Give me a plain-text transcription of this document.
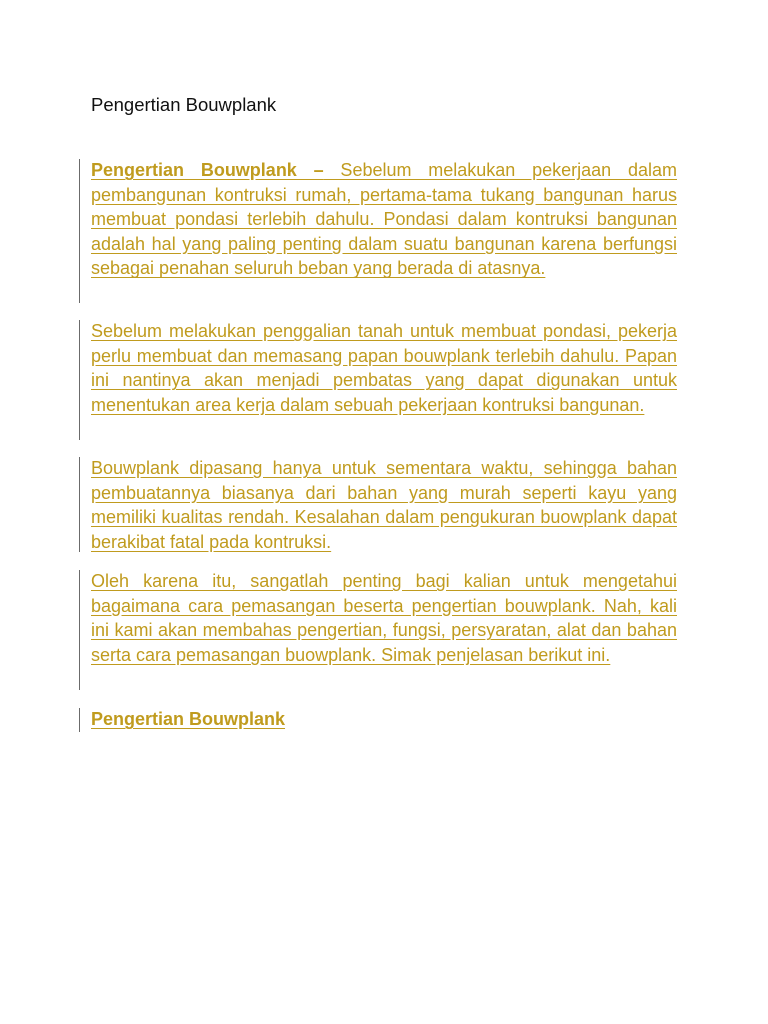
Pengertian Bouwplank

Pengertian Bouwplank – Sebelum melakukan pekerjaan dalam pembangunan kontruksi rumah, pertama-tama tukang bangunan harus membuat pondasi terlebih dahulu. Pondasi dalam kontruksi bangunan adalah hal yang paling penting dalam suatu bangunan karena berfungsi sebagai penahan seluruh beban yang berada di atasnya.

Sebelum melakukan penggalian tanah untuk membuat pondasi, pekerja perlu membuat dan memasang papan bouwplank terlebih dahulu. Papan ini nantinya akan menjadi pembatas yang dapat digunakan untuk menentukan area kerja dalam sebuah pekerjaan kontruksi bangunan.

Bouwplank dipasang hanya untuk sementara waktu, sehingga bahan pembuatannya biasanya dari bahan yang murah seperti kayu yang memiliki kualitas rendah. Kesalahan dalam pengukuran buowplank dapat berakibat fatal pada kontruksi.

Oleh karena itu, sangatlah penting bagi kalian untuk mengetahui bagaimana cara pemasangan beserta pengertian bouwplank. Nah, kali ini kami akan membahas pengertian, fungsi, persyaratan, alat dan bahan serta cara pemasangan buowplank. Simak penjelasan berikut ini.

Pengertian Bouwplank
